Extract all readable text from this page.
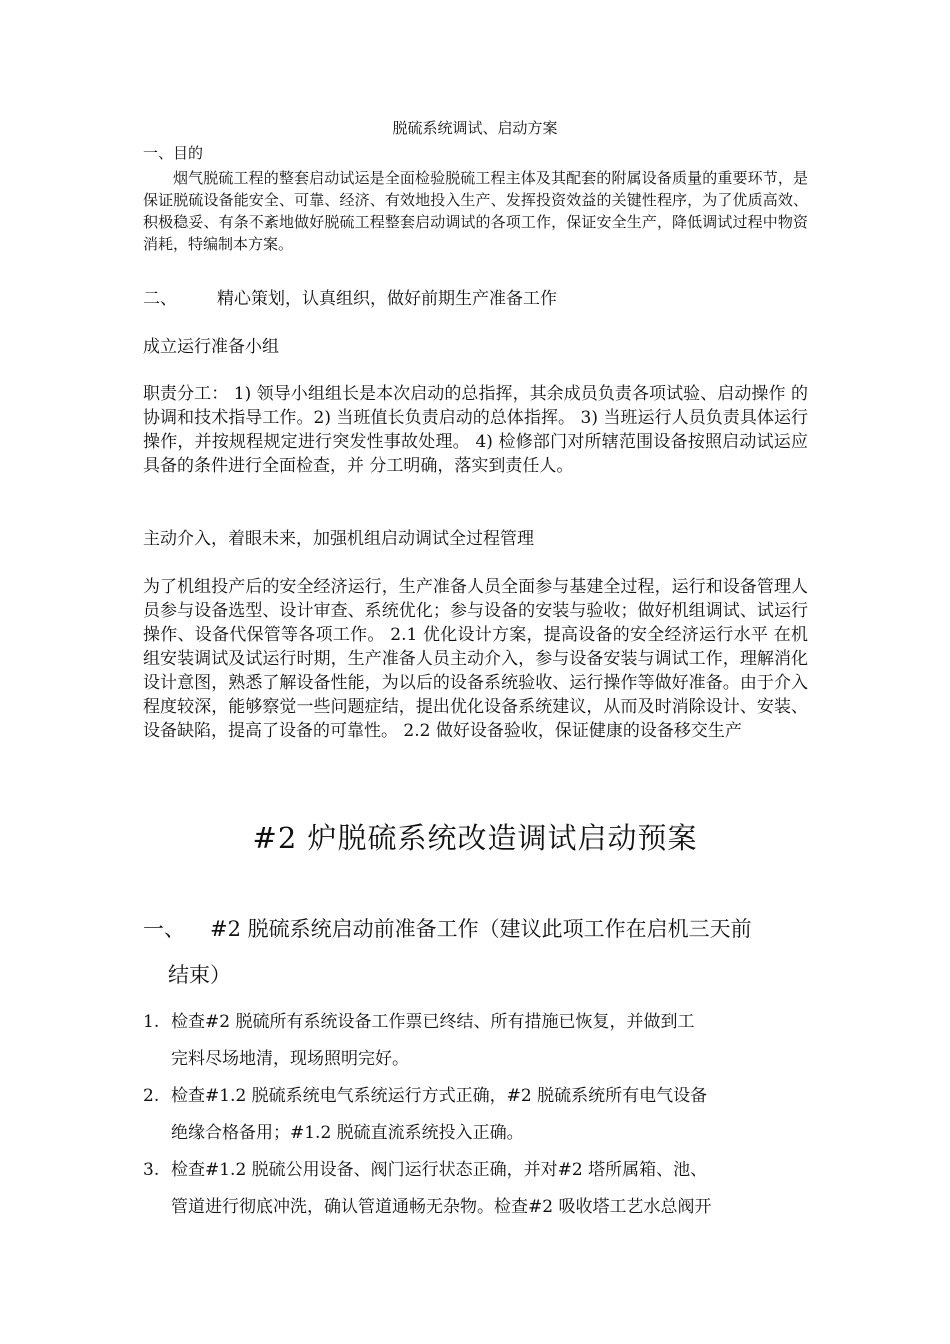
脱硫系统调试、启动方案
一、目的
烟气脱硫工程的整套启动试运是全面检验脱硫工程主体及其配套的附属设备质量的重要环节，是保证脱硫设备能安全、可靠、经济、有效地投入生产、发挥投资效益的关键性程序，为了优质高效、积极稳妥、有条不紊地做好脱硫工程整套启动调试的各项工作，保证安全生产，降低调试过程中物资消耗，特编制本方案。
二、 精心策划，认真组织，做好前期生产准备工作
成立运行准备小组
职责分工： 1) 领导小组组长是本次启动的总指挥，其余成员负责各项试验、启动操作 的协调和技术指导工作。2) 当班值长负责启动的总体指挥。 3) 当班运行人员负责具体运行操作，并按规程规定进行突发性事故处理。 4) 检修部门对所辖范围设备按照启动试运应具备的条件进行全面检查，并 分工明确，落实到责任人。
主动介入，着眼未来，加强机组启动调试全过程管理
为了机组投产后的安全经济运行，生产准备人员全面参与基建全过程，运行和设备管理人员参与设备选型、设计审查、系统优化；参与设备的安装与验收；做好机组调试、试运行操作、设备代保管等各项工作。 2.1 优化设计方案，提高设备的安全经济运行水平 在机组安装调试及试运行时期，生产准备人员主动介入，参与设备安装与调试工作，理解消化设计意图，熟悉了解设备性能，为以后的设备系统验收、运行操作等做好准备。由于介入程度较深，能够察觉一些问题症结，提出优化设备系统建议，从而及时消除设计、安装、设备缺陷，提高了设备的可靠性。 2.2 做好设备验收，保证健康的设备移交生产
#2 炉脱硫系统改造调试启动预案
一、 #2 脱硫系统启动前准备工作（建议此项工作在启机三天前
结束）
1. 检查#2 脱硫所有系统设备工作票已终结、所有措施已恢复，并做到工
完料尽场地清，现场照明完好。
2. 检查#1.2 脱硫系统电气系统运行方式正确，#2 脱硫系统所有电气设备
绝缘合格备用；#1.2 脱硫直流系统投入正确。
3. 检查#1.2 脱硫公用设备、阀门运行状态正确，并对#2 塔所属箱、池、
管道进行彻底冲洗，确认管道通畅无杂物。检查#2 吸收塔工艺水总阀开
